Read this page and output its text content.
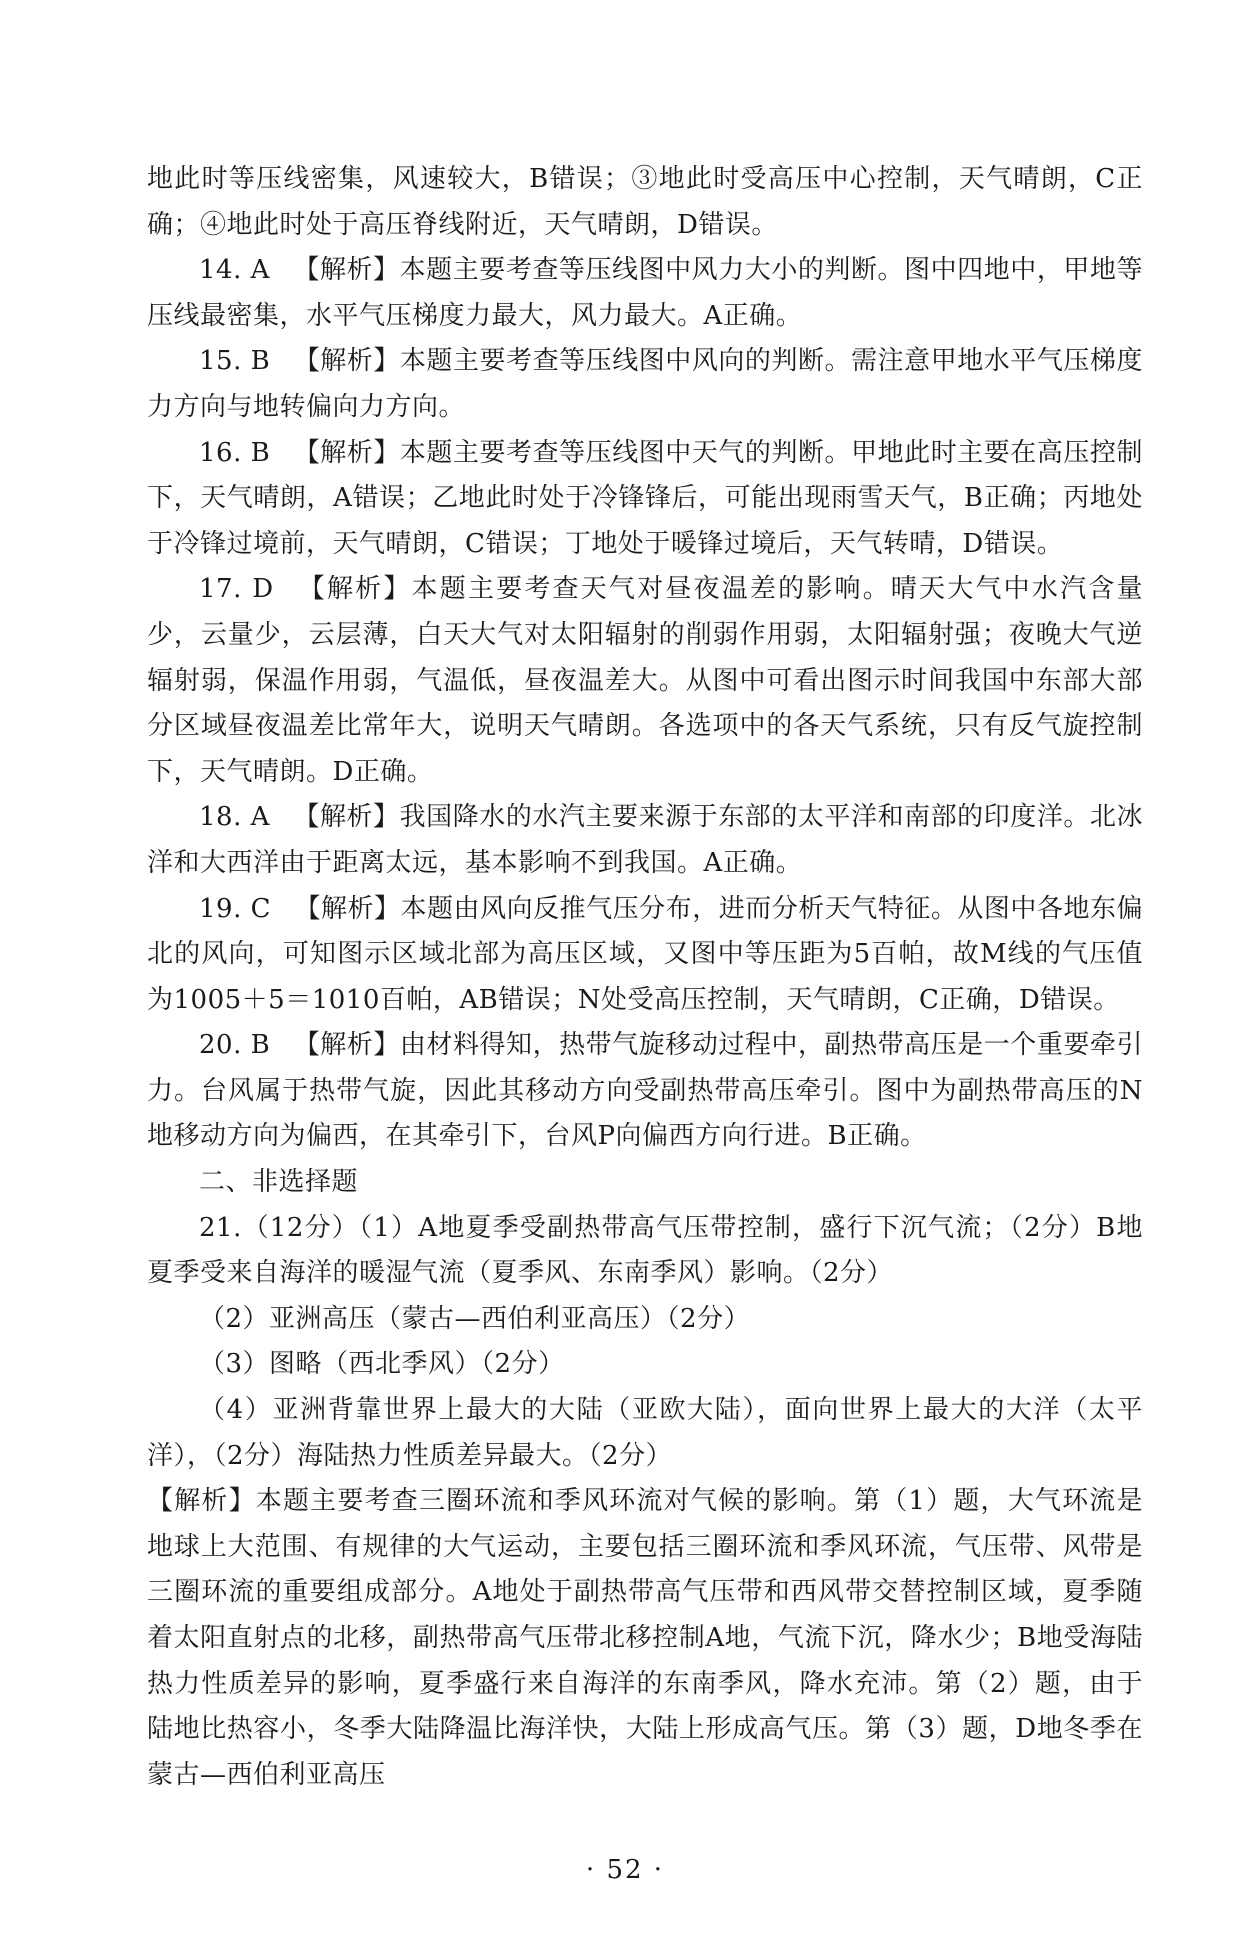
地此时等压线密集，风速较大，B错误；③地此时受高压中心控制，天气晴朗，C正确；④地此时处于高压脊线附近，天气晴朗，D错误。

14. A 【解析】本题主要考查等压线图中风力大小的判断。图中四地中，甲地等压线最密集，水平气压梯度力最大，风力最大。A正确。

15. B 【解析】本题主要考查等压线图中风向的判断。需注意甲地水平气压梯度力方向与地转偏向力方向。

16. B 【解析】本题主要考查等压线图中天气的判断。甲地此时主要在高压控制下，天气晴朗，A错误；乙地此时处于冷锋锋后，可能出现雨雪天气，B正确；丙地处于冷锋过境前，天气晴朗，C错误；丁地处于暖锋过境后，天气转晴，D错误。

17. D 【解析】本题主要考查天气对昼夜温差的影响。晴天大气中水汽含量少，云量少，云层薄，白天大气对太阳辐射的削弱作用弱，太阳辐射强；夜晚大气逆辐射弱，保温作用弱，气温低，昼夜温差大。从图中可看出图示时间我国中东部大部分区域昼夜温差比常年大，说明天气晴朗。各选项中的各天气系统，只有反气旋控制下，天气晴朗。D正确。

18. A 【解析】我国降水的水汽主要来源于东部的太平洋和南部的印度洋。北冰洋和大西洋由于距离太远，基本影响不到我国。A正确。

19. C 【解析】本题由风向反推气压分布，进而分析天气特征。从图中各地东偏北的风向，可知图示区域北部为高压区域，又图中等压距为5百帕，故M线的气压值为1005＋5＝1010百帕，AB错误；N处受高压控制，天气晴朗，C正确，D错误。

20. B 【解析】由材料得知，热带气旋移动过程中，副热带高压是一个重要牵引力。台风属于热带气旋，因此其移动方向受副热带高压牵引。图中为副热带高压的N地移动方向为偏西，在其牵引下，台风P向偏西方向行进。B正确。

二、非选择题

21.（12分）（1）A地夏季受副热带高气压带控制，盛行下沉气流；（2分）B地夏季受来自海洋的暖湿气流（夏季风、东南季风）影响。（2分）

（2）亚洲高压（蒙古—西伯利亚高压）（2分）

（3）图略（西北季风）（2分）

（4）亚洲背靠世界上最大的大陆（亚欧大陆），面向世界上最大的大洋（太平洋），（2分）海陆热力性质差异最大。（2分）

【解析】本题主要考查三圈环流和季风环流对气候的影响。第（1）题，大气环流是地球上大范围、有规律的大气运动，主要包括三圈环流和季风环流，气压带、风带是三圈环流的重要组成部分。A地处于副热带高气压带和西风带交替控制区域，夏季随着太阳直射点的北移，副热带高气压带北移控制A地，气流下沉，降水少；B地受海陆热力性质差异的影响，夏季盛行来自海洋的东南季风，降水充沛。第（2）题，由于陆地比热容小，冬季大陆降温比海洋快，大陆上形成高气压。第（3）题，D地冬季在蒙古—西伯利亚高压

· 52 ·
